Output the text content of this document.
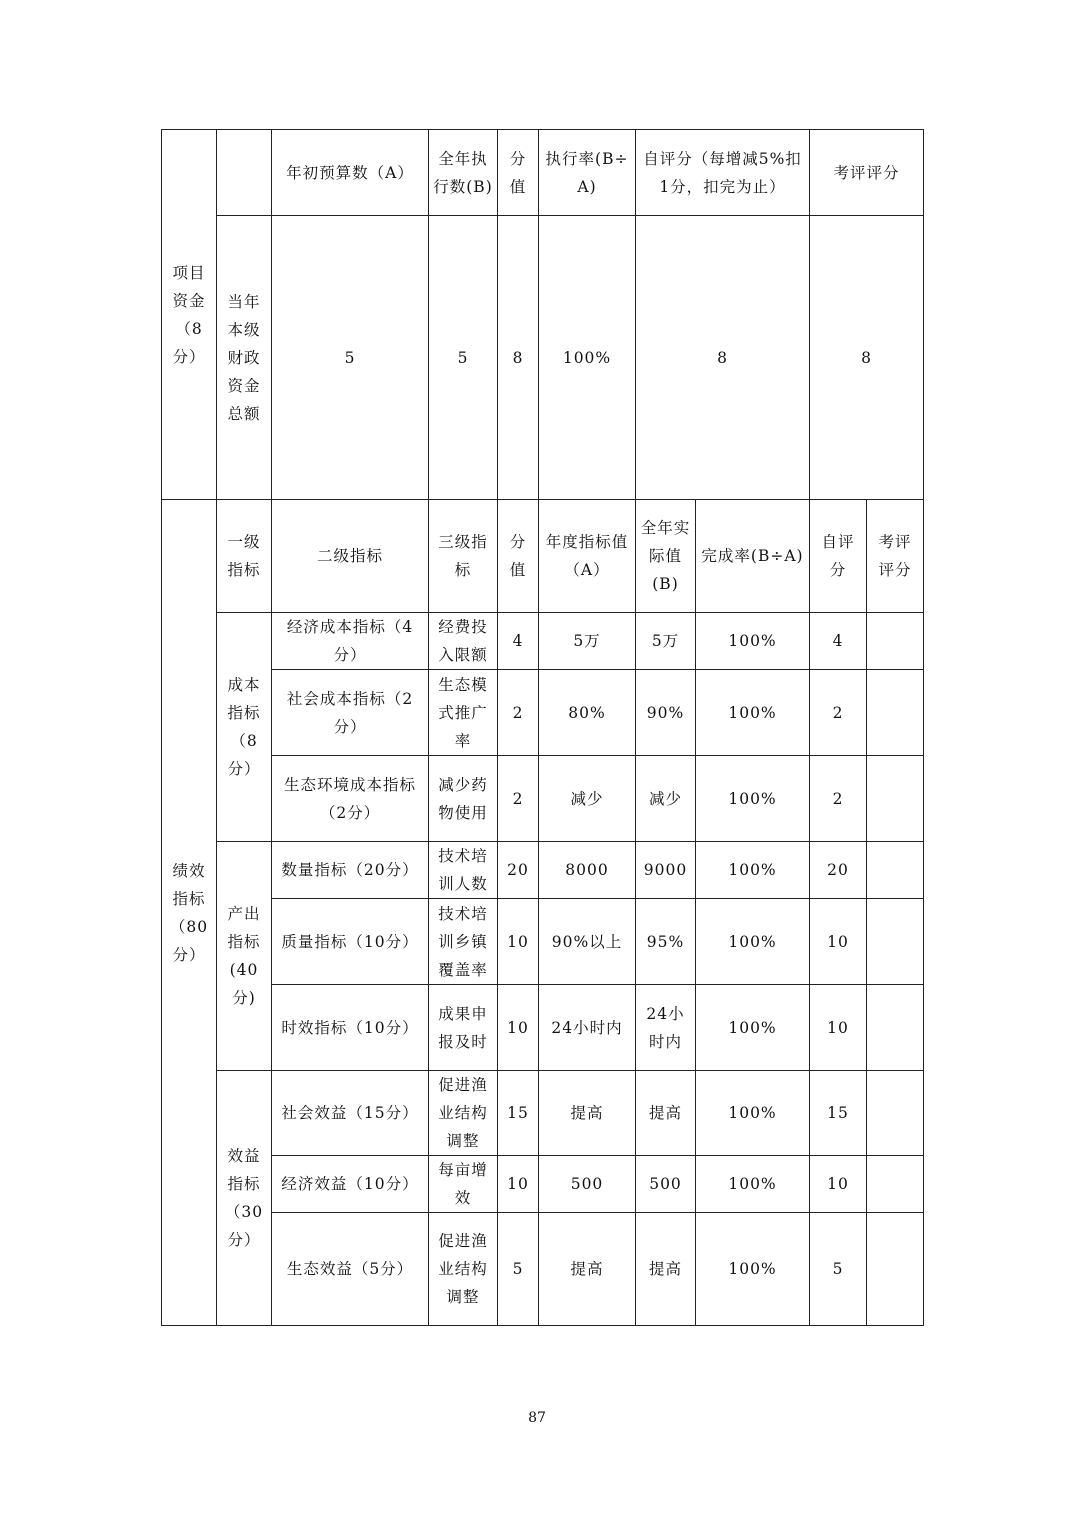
项目资金（8分）		年初预算数（A）	全年执行数(B)	分值	执行率(B÷A)	自评分（每增减5%扣1分，扣完为止）		考评评分	
	当年本级财政资金总额	5	5	8	100%	8		8	
绩效指标（80分）	一级指标	二级指标	三级指标	分值	年度指标值（A）	全年实际值(B)	完成率(B÷A)	自评分	考评评分
	成本指标（8分）	经济成本指标（4分）	经费投入限额	4	5万	5万	100%	4	
		社会成本指标（2分）	生态模式推广率	2	80%	90%	100%	2	
		生态环境成本指标（2分）	减少药物使用	2	减少	减少	100%	2	
	产出指标(40分)	数量指标（20分）	技术培训人数	20	8000	9000	100%	20	
		质量指标（10分）	技术培训乡镇覆盖率	10	90%以上	95%	100%	10	
		时效指标（10分）	成果申报及时	10	24小时内	24小时内	100%	10	
	效益指标（30分）	社会效益（15分）	促进渔业结构调整	15	提高	提高	100%	15	
		经济效益（10分）	每亩增效	10	500	500	100%	10	
		生态效益（5分）	促进渔业结构调整	5	提高	提高	100%	5	
87
